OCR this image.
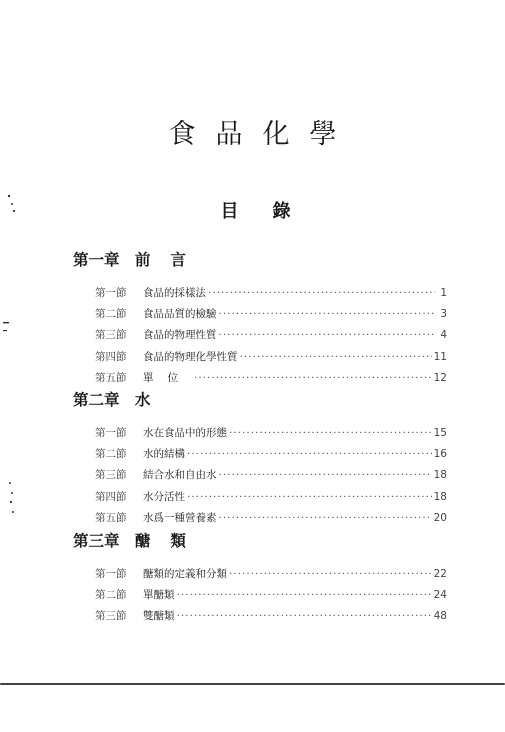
食品化學
目錄
第一章 前言
第一節	食品的採樣法 ·····	1
第二節	食品品質的檢驗 ·····	3
第三節	食品的物理性質 ·····	4
第四節	食品的物理化學性質 ·····	11
第五節	單位 ·····	12
第二章 水
第一節	水在食品中的形態 ·····	15
第二節	水的結構 ·····	16
第三節	結合水和自由水 ·····	18
第四節	水分活性 ·····	18
第五節	水爲一種營養素 ·····	20
第三章 醣類
第一節	醣類的定義和分類 ·····	22
第二節	單醣類 ·····	24
第三節	雙醣類 ·····	48
